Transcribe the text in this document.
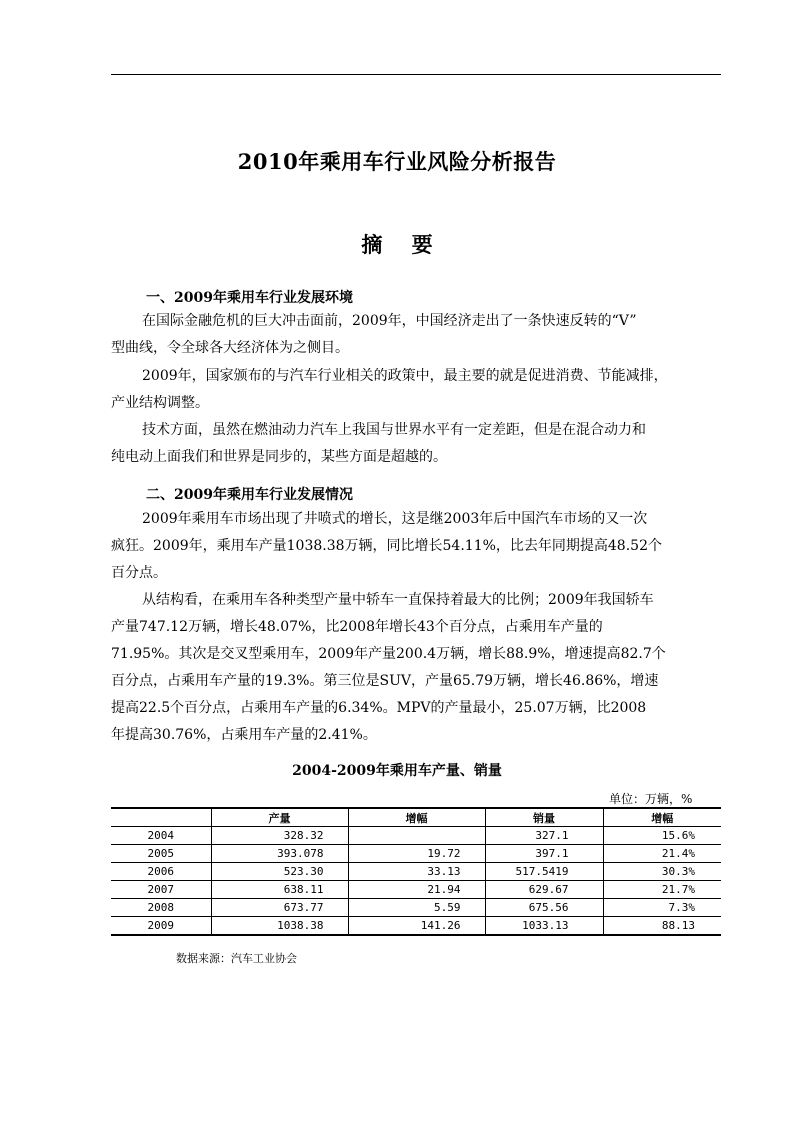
2010年乘用车行业风险分析报告
摘 要
一、2009年乘用车行业发展环境
在国际金融危机的巨大冲击面前，2009年，中国经济走出了一条快速反转的“V”
型曲线，令全球各大经济体为之侧目。
2009年，国家颁布的与汽车行业相关的政策中，最主要的就是促进消费、节能减排，
产业结构调整。
技术方面，虽然在燃油动力汽车上我国与世界水平有一定差距，但是在混合动力和
纯电动上面我们和世界是同步的，某些方面是超越的。
二、2009年乘用车行业发展情况
2009年乘用车市场出现了井喷式的增长，这是继2003年后中国汽车市场的又一次
疯狂。2009年，乘用车产量1038.38万辆，同比增长54.11%，比去年同期提高48.52个
百分点。
从结构看，在乘用车各种类型产量中轿车一直保持着最大的比例；2009年我国轿车
产量747.12万辆，增长48.07%，比2008年增长43个百分点，占乘用车产量的
71.95%。其次是交叉型乘用车，2009年产量200.4万辆，增长88.9%，增速提高82.7个
百分点，占乘用车产量的19.3%。第三位是SUV，产量65.79万辆，增长46.86%，增速
提高22.5个百分点，占乘用车产量的6.34%。MPV的产量最小，25.07万辆，比2008
年提高30.76%，占乘用车产量的2.41%。
2004-2009年乘用车产量、销量
单位：万辆，%
	产量	增幅	销量	增幅
2004	328.32		327.1	15.6%
2005	393.078	19.72	397.1	21.4%
2006	523.30	33.13	517.5419	30.3%
2007	638.11	21.94	629.67	21.7%
2008	673.77	5.59	675.56	7.3%
2009	1038.38	141.26	1033.13	88.13
数据来源：汽车工业协会
